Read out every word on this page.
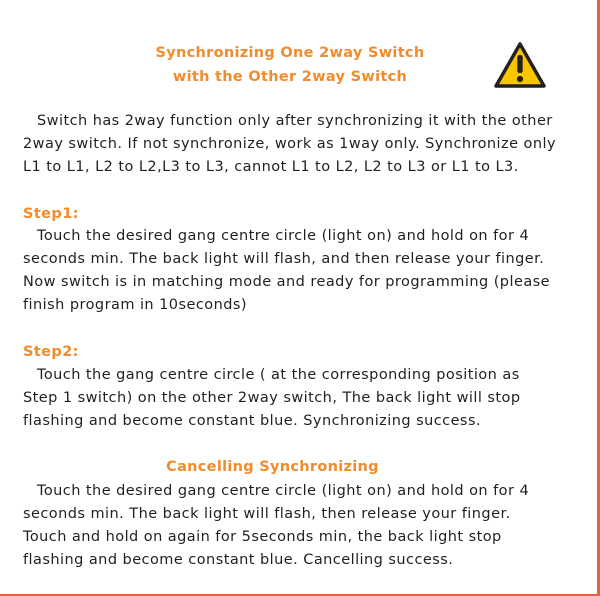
Synchronizing One 2way Switch
with the Other 2way Switch
Switch has 2way function only after synchronizing it with the other
2way switch. If not synchronize, work as 1way only. Synchronize only
L1 to L1, L2 to L2,L3 to L3, cannot L1 to L2, L2 to L3 or L1 to L3.
Step1:
Touch the desired gang centre circle (light on) and hold on for 4
seconds min. The back light will flash, and then release your finger.
Now switch is in matching mode and ready for programming (please
finish program in 10seconds)
Step2:
Touch the gang centre circle ( at the corresponding position as
Step 1 switch) on the other 2way switch, The back light will stop
flashing and become constant blue. Synchronizing success.
Cancelling Synchronizing
Touch the desired gang centre circle (light on) and hold on for 4
seconds min. The back light will flash, then release your finger.
Touch and hold on again for 5seconds min, the back light stop
flashing and become constant blue. Cancelling success.
